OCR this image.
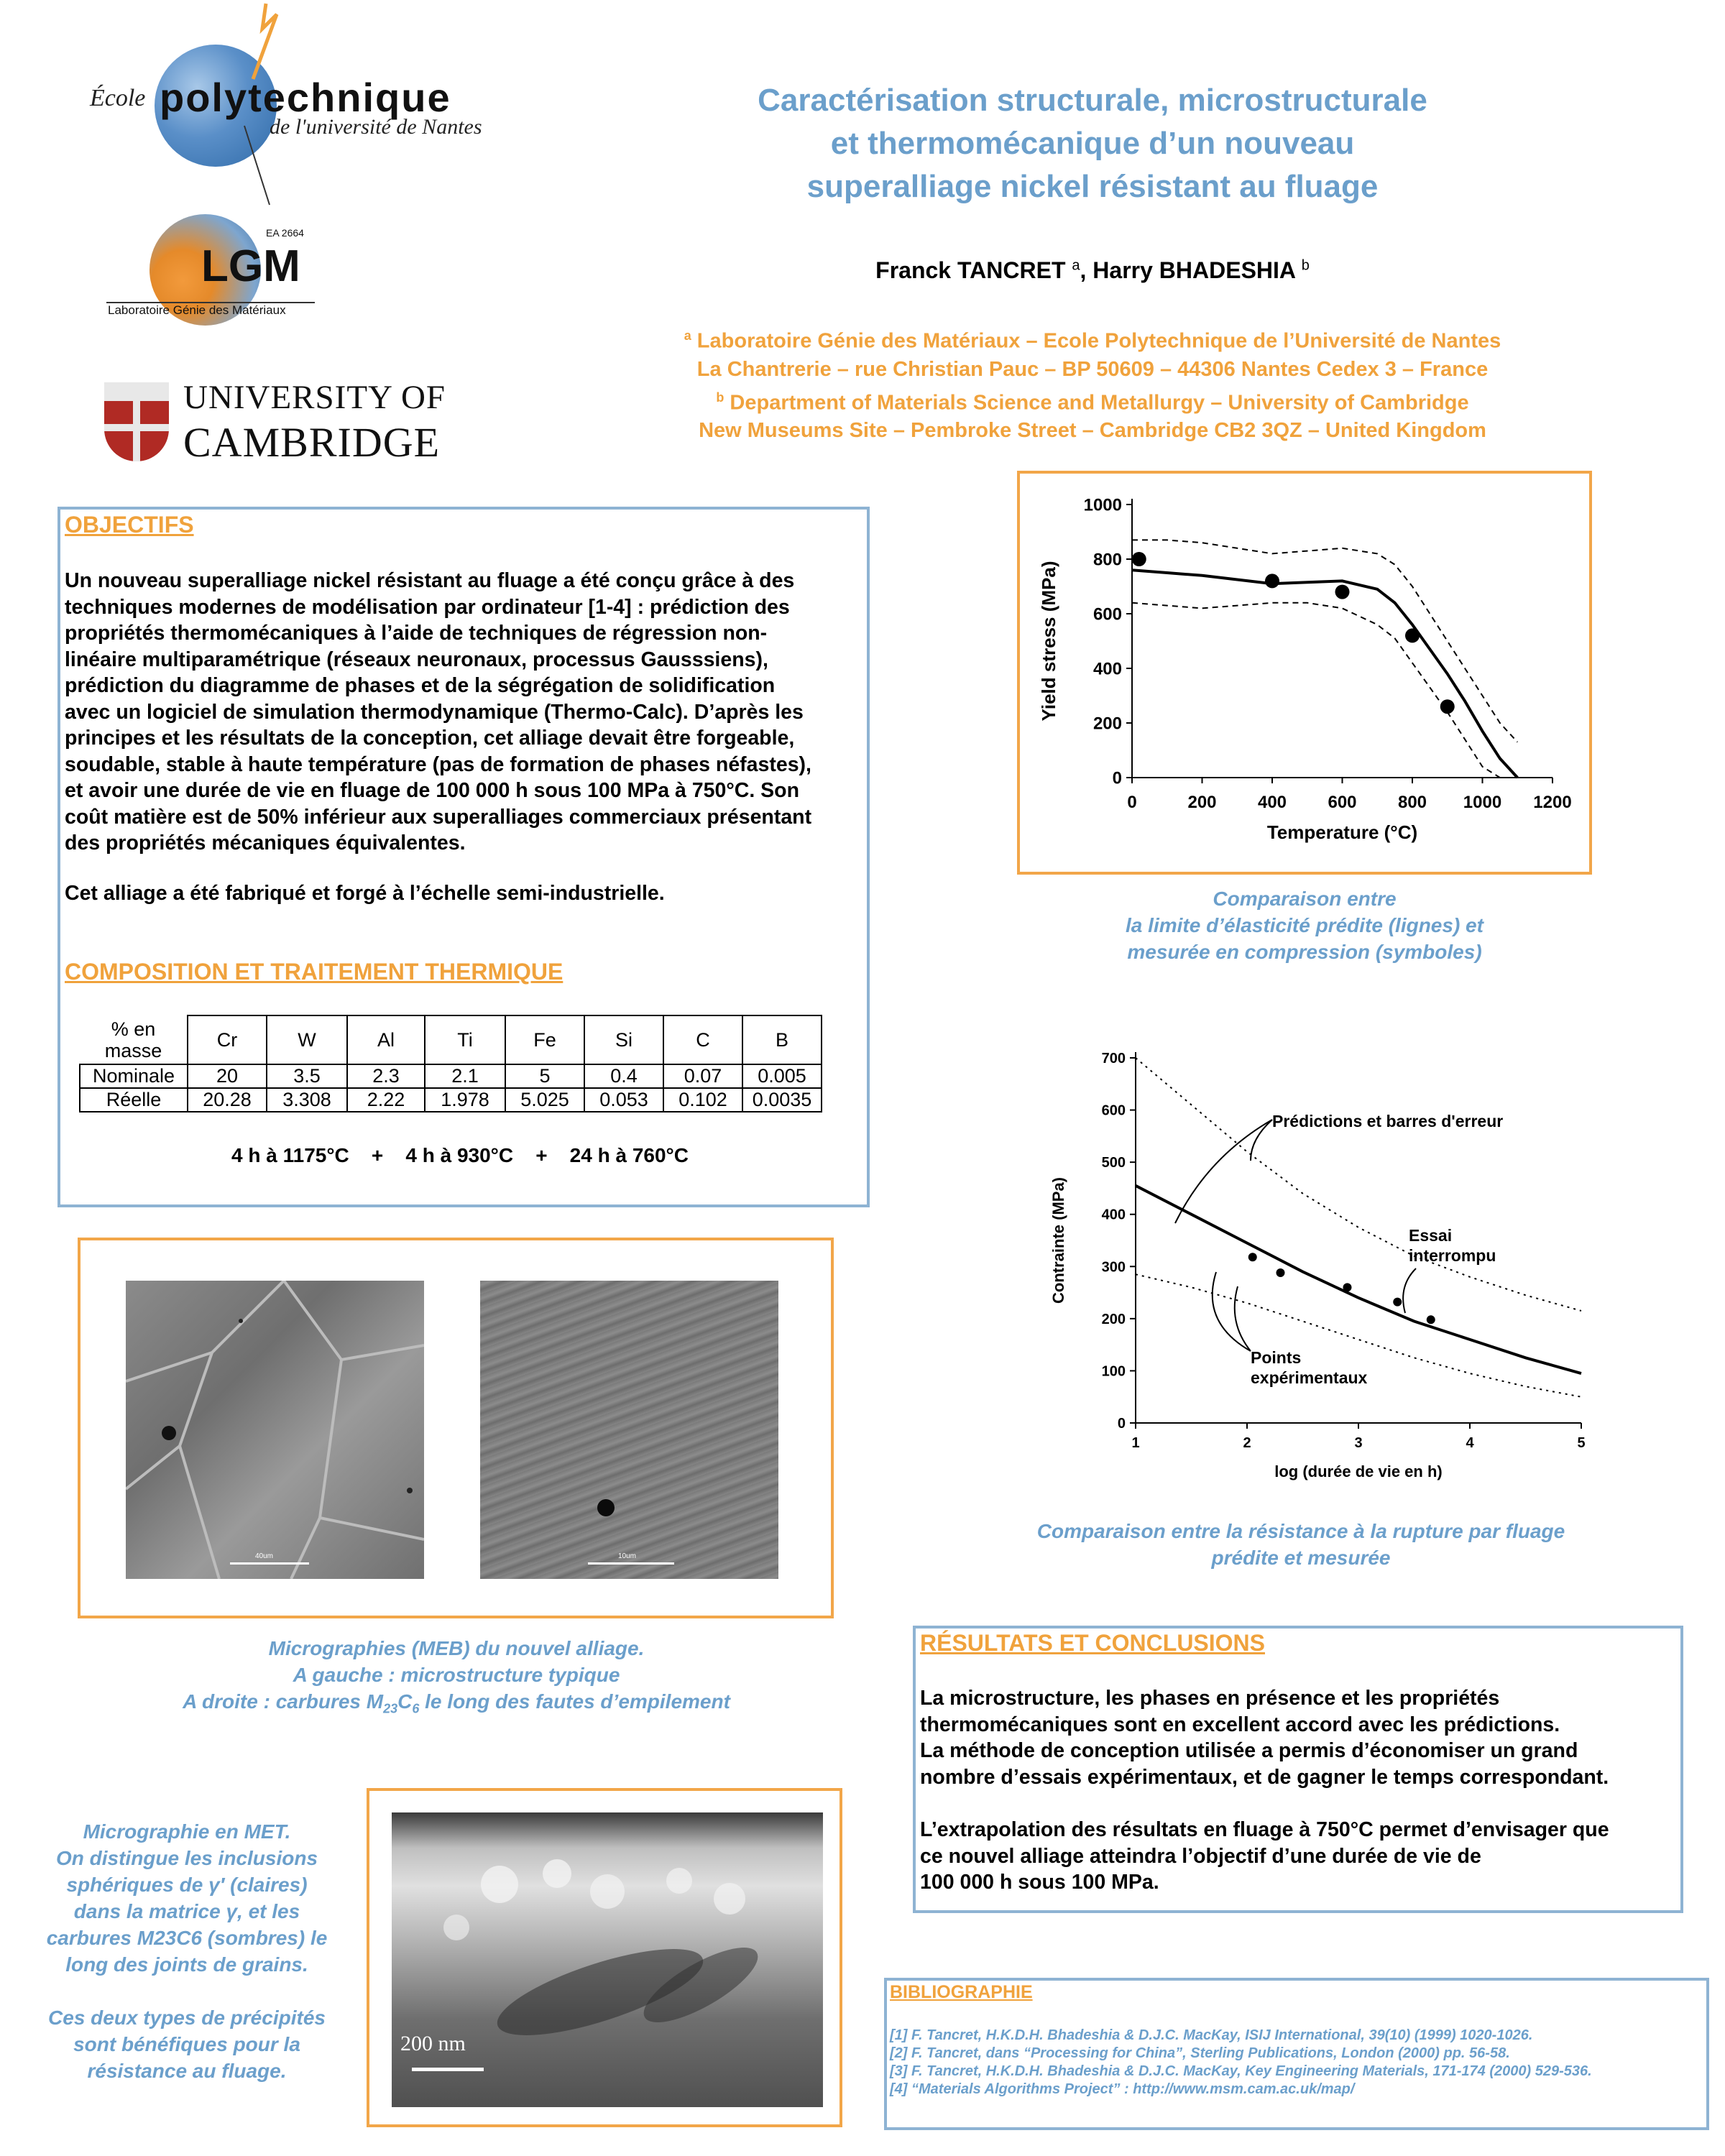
École polytechnique
de l'université de Nantes
EA 2664
LGM
Laboratoire Génie des Matériaux
UNIVERSITY OF
CAMBRIDGE
Caractérisation structurale, microstructurale
et thermomécanique d’un nouveau
superalliage nickel résistant au fluage
Franck TANCRET $^a$, Harry BHADESHIA $^b$
$^a$ Laboratoire Génie des Matériaux – Ecole Polytechnique de l’Université de Nantes
La Chantrerie – rue Christian Pauc – BP 50609 – 44306 Nantes Cedex 3 – France
$^b$ Department of Materials Science and Metallurgy – University of Cambridge
New Museums Site – Pembroke Street – Cambridge CB2 3QZ – United Kingdom
OBJECTIFS
Un nouveau superalliage nickel résistant au fluage a été conçu grâce à des
techniques modernes de modélisation par ordinateur [1-4] : prédiction des
propriétés thermomécaniques à l’aide de techniques de régression non-
linéaire multiparamétrique (réseaux neuronaux, processus Gausssiens),
prédiction du diagramme de phases et de la ségrégation de solidification
avec un logiciel de simulation thermodynamique (Thermo-Calc). D’après les
principes et les résultats de la conception, cet alliage devait être forgeable,
soudable, stable à haute température (pas de formation de phases néfastes),
et avoir une durée de vie en fluage de 100 000 h sous 100 MPa à 750°C. Son
coût matière est de 50% inférieur aux superalliages commerciaux présentant
des propriétés mécaniques équivalentes.
Cet alliage a été fabriqué et forgé à l’échelle semi-industrielle.
COMPOSITION ET TRAITEMENT THERMIQUE
% en
masse	Cr	W	Al	Ti	Fe	Si	C	B
Nominale	20	3.5	2.3	2.1	5	0.4	0.07	0.005
Réelle	20.28	3.308	2.22	1.978	5.025	0.053	0.102	0.0035
4 h à 1175°C    +    4 h à 930°C    +    24 h à 760°C
0	200 400 600 800 1000 1200
0
200
400
600
800
1000
Temperature (°C)
Yield stress (MPa)
Comparaison entre
la limite d’élasticité prédite (lignes) et
mesurée en compression (symboles)
1	2	3	4	5
0
100
200
300
400
500
600
700
log (durée de vie en h)
Contrainte (MPa)
Prédictions et barres d'erreur
Essai
interrompu
Points
expérimentaux
Comparaison entre la résistance à la rupture par fluage
prédite et mesurée
40um	10um
Micrographies (MEB) du nouvel alliage.
A gauche : microstructure typique
A droite : carbures $M_{23}C_6$ le long des fautes d’empilement
Micrographie en MET.
On distingue les inclusions
sphériques de γ′ (claires)
dans la matrice γ, et les
carbures M23C6 (sombres) le
long des joints de grains.
Ces deux types de précipités
sont bénéfiques pour la
résistance au fluage.
200 nm
RÉSULTATS ET CONCLUSIONS
La microstructure, les phases en présence et les propriétés
thermomécaniques sont en excellent accord avec les prédictions.
La méthode de conception utilisée a permis d’économiser un grand
nombre d’essais expérimentaux, et de gagner le temps correspondant.
L’extrapolation des résultats en fluage à 750°C permet d’envisager que
ce nouvel alliage atteindra l’objectif d’une durée de vie de
100 000 h sous 100 MPa.
BIBLIOGRAPHIE
[1] F. Tancret, H.K.D.H. Bhadeshia & D.J.C. MacKay, ISIJ International, 39(10) (1999) 1020-1026.
[2] F. Tancret, dans “Processing for China”, Sterling Publications, London (2000) pp. 56-58.
[3] F. Tancret, H.K.D.H. Bhadeshia & D.J.C. MacKay, Key Engineering Materials, 171-174 (2000) 529-536.
[4] “Materials Algorithms Project” : http://www.msm.cam.ac.uk/map/
